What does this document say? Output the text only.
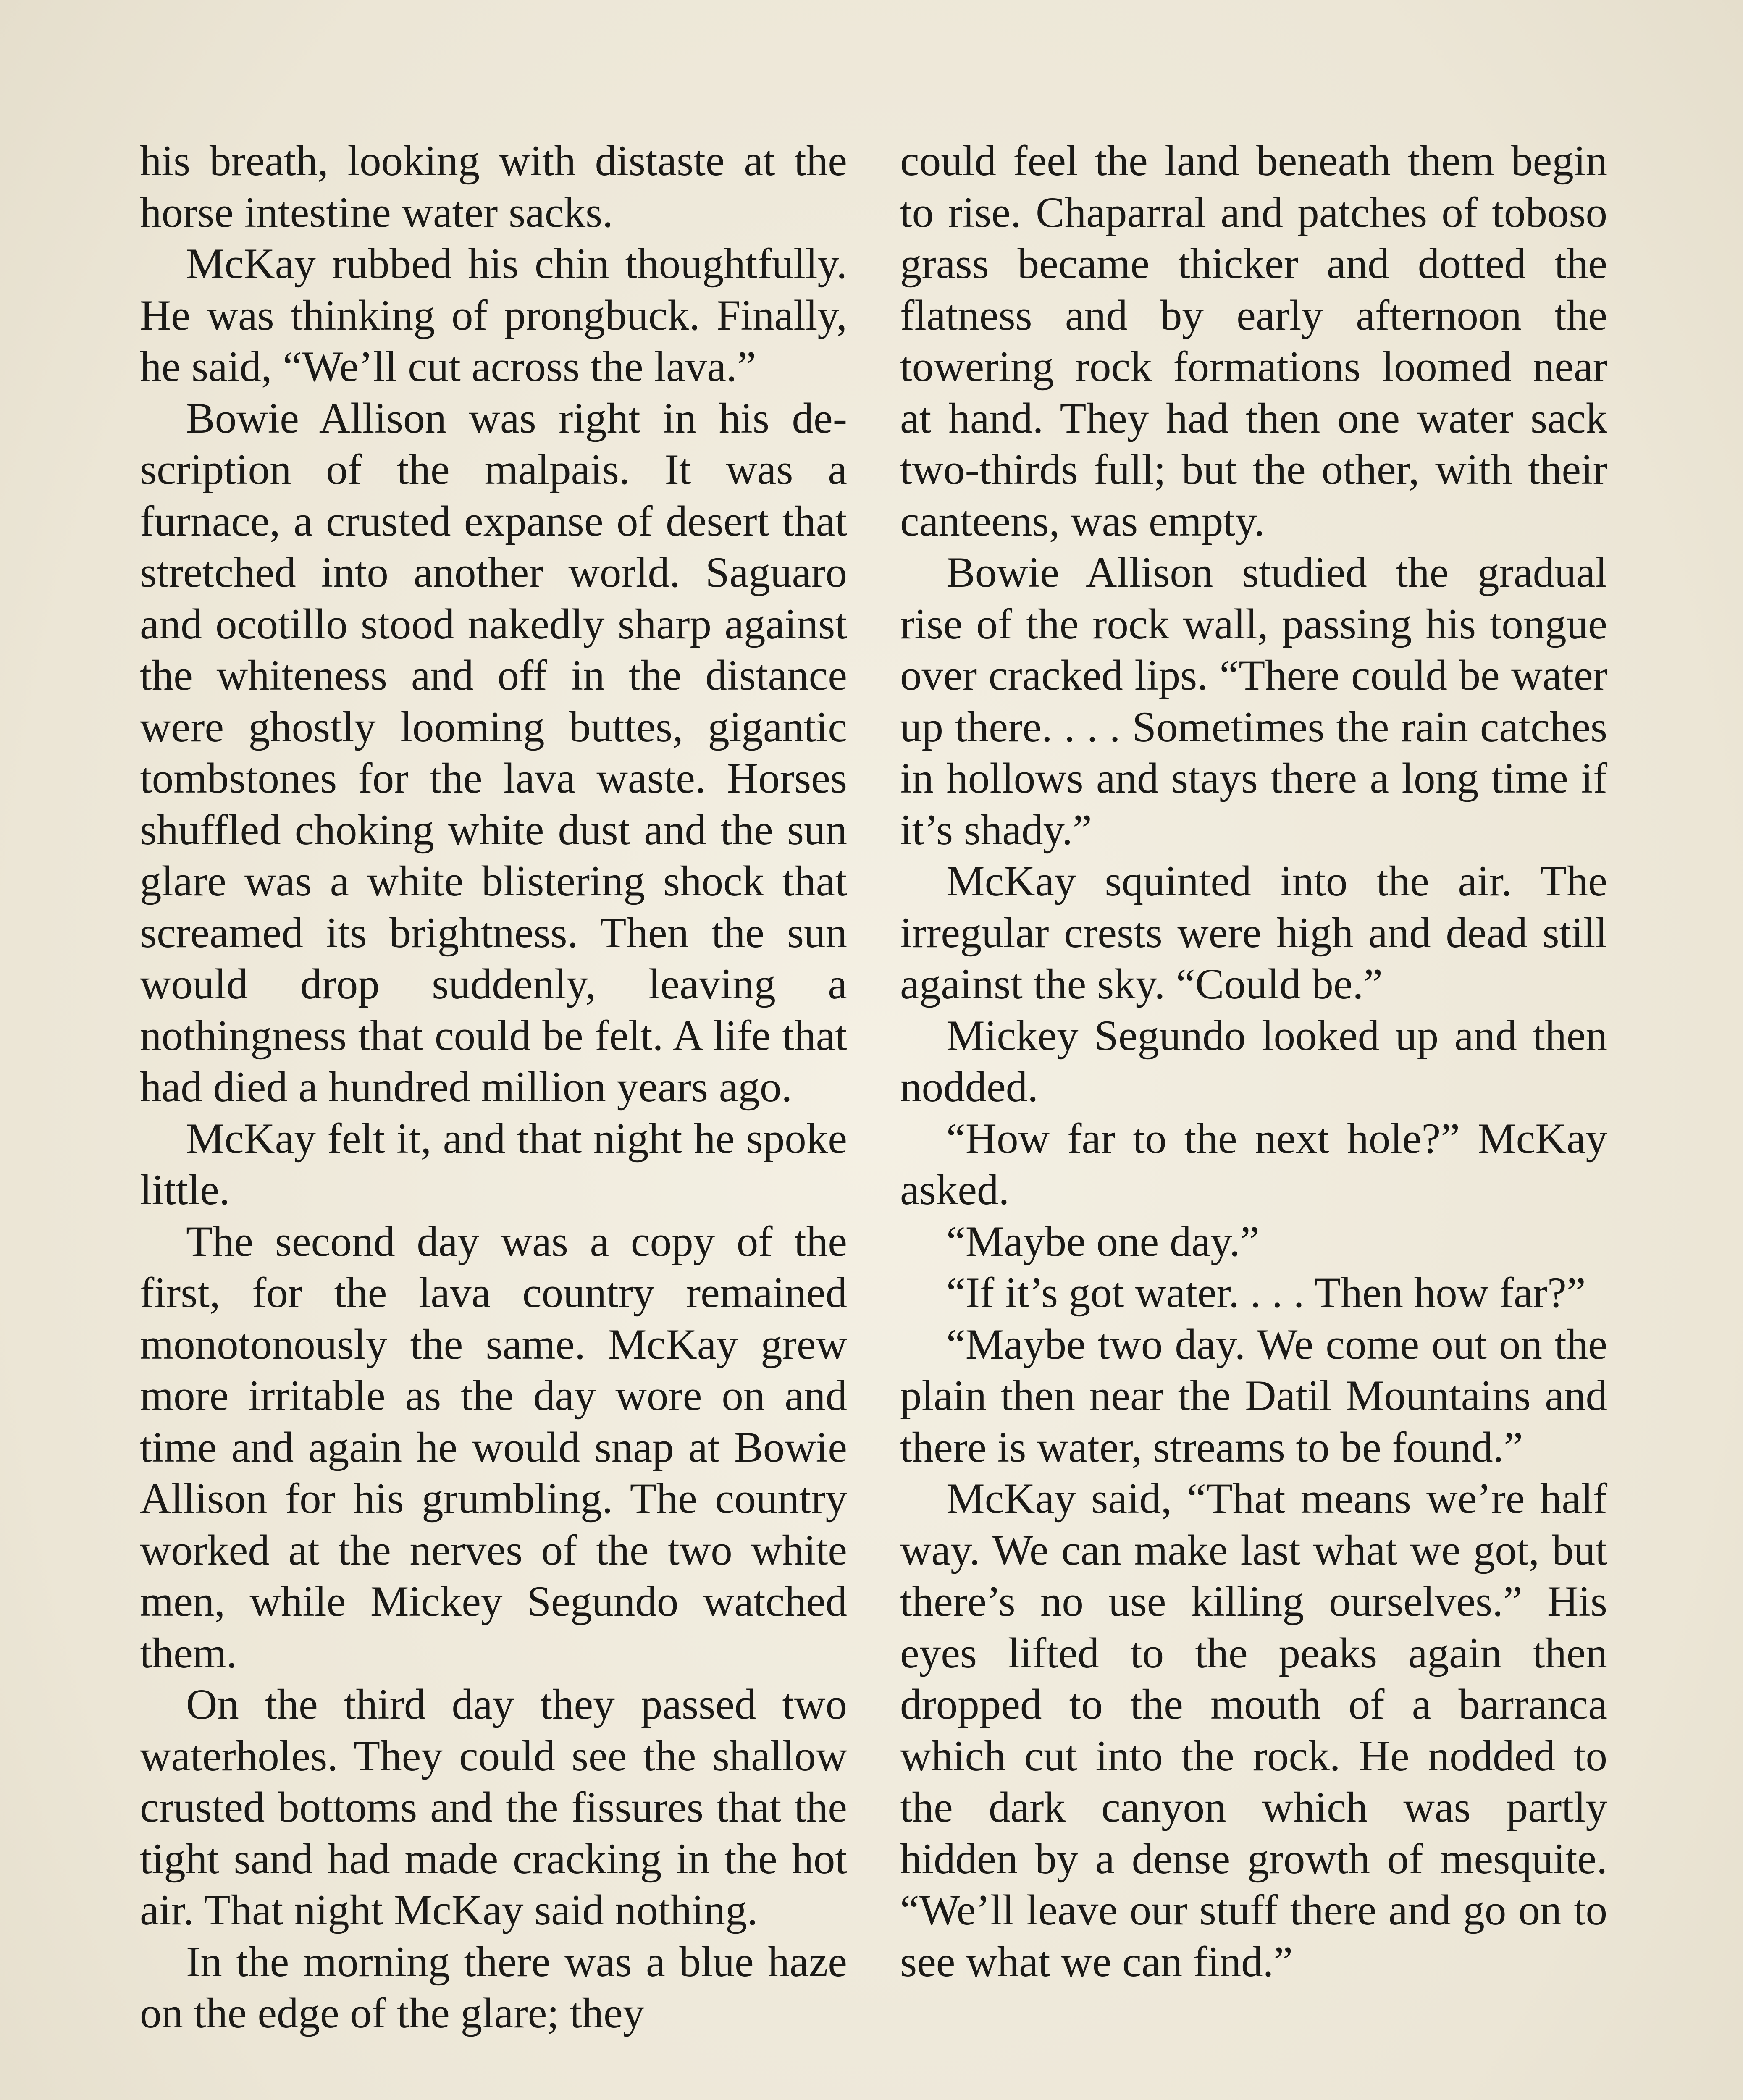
his breath, looking with distaste at the horse intestine water sacks.

McKay rubbed his chin thoughtfully. He was thinking of prongbuck. Finally, he said, “We’ll cut across the lava.”

Bowie Allison was right in his description of the malpais. It was a furnace, a crusted expanse of desert that stretched into another world. Saguaro and ocotillo stood nakedly sharp against the whiteness and off in the distance were ghostly looming buttes, gigantic tombstones for the lava waste. Horses shuffled choking white dust and the sun glare was a white blistering shock that screamed its brightness. Then the sun would drop suddenly, leaving a nothingness that could be felt. A life that had died a hundred million years ago.

McKay felt it, and that night he spoke little.

The second day was a copy of the first, for the lava country remained monotonously the same. McKay grew more irritable as the day wore on and time and again he would snap at Bowie Allison for his grumbling. The country worked at the nerves of the two white men, while Mickey Segundo watched them.

On the third day they passed two waterholes. They could see the shallow crusted bottoms and the fissures that the tight sand had made cracking in the hot air. That night McKay said nothing.

In the morning there was a blue haze on the edge of the glare; they

could feel the land beneath them begin to rise. Chaparral and patches of toboso grass became thicker and dotted the flatness and by early afternoon the towering rock formations loomed near at hand. They had then one water sack two-thirds full; but the other, with their canteens, was empty.

Bowie Allison studied the gradual rise of the rock wall, passing his tongue over cracked lips. “There could be water up there. . . . Sometimes the rain catches in hollows and stays there a long time if it’s shady.”

McKay squinted into the air. The irregular crests were high and dead still against the sky. “Could be.”

Mickey Segundo looked up and then nodded.

“How far to the next hole?” McKay asked.

“Maybe one day.”

“If it’s got water. . . . Then how far?”

“Maybe two day. We come out on the plain then near the Datil Mountains and there is water, streams to be found.”

McKay said, “That means we’re half way. We can make last what we got, but there’s no use killing ourselves.” His eyes lifted to the peaks again then dropped to the mouth of a barranca which cut into the rock. He nodded to the dark canyon which was partly hidden by a dense growth of mesquite. “We’ll leave our stuff there and go on to see what we can find.”
